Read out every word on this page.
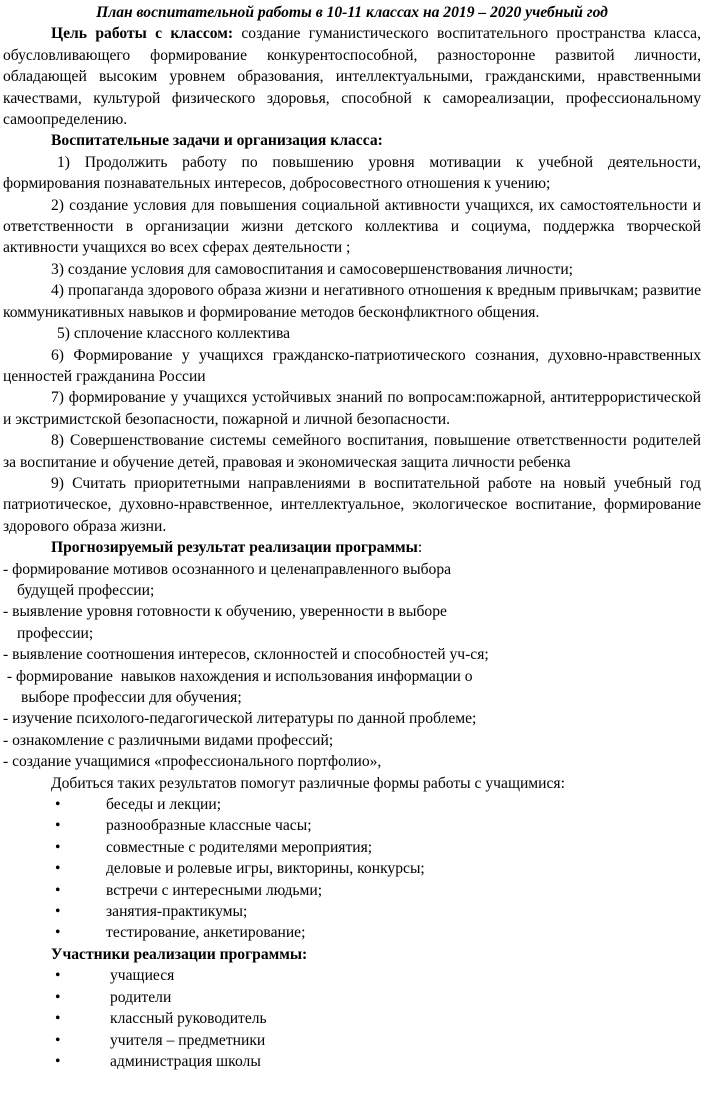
План воспитательной работы в 10-11 классах на 2019 – 2020 учебный год

Цель работы с классом: создание гуманистического воспитательного пространства класса, обусловливающего формирование конкурентоспособной, разносторонне развитой личности, обладающей высоким уровнем образования, интеллектуальными, гражданскими, нравственными качествами, культурой физического здоровья, способной к самореализации, профессиональному самоопределению.

Воспитательные задачи и организация класса:

1) Продолжить работу по повышению уровня мотивации к учебной деятельности, формирования познавательных интересов, добросовестного отношения к учению;

2) создание условия для повышения социальной активности учащихся, их самостоятельности и ответственности в организации жизни детского коллектива и социума, поддержка творческой активности учащихся во всех сферах деятельности ;

3) создание условия для самовоспитания и самосовершенствования личности;

4) пропаганда здорового образа жизни и негативного отношения к вредным привычкам; развитие коммуникативных навыков и формирование методов бесконфликтного общения.

5) сплочение классного коллектива

6) Формирование у учащихся гражданско-патриотического сознания, духовно-нравственных ценностей гражданина России

7) формирование у учащихся устойчивых знаний по вопросам:пожарной, антитеррористической и экстримистской безопасности, пожарной и личной безопасности.

8) Совершенствование системы семейного воспитания, повышение ответственности родителей за воспитание и обучение детей, правовая и экономическая защита личности ребенка

9) Считать приоритетными направлениями в воспитательной работе на новый учебный год патриотическое, духовно-нравственное, интеллектуальное, экологическое воспитание, формирование здорового образа жизни.

Прогнозируемый результат реализации программы:

- формирование мотивов осознанного и целенаправленного выбора
будущей профессии;
- выявление уровня готовности к обучению, уверенности в выборе
профессии;
- выявление соотношения интересов, склонностей и способностей уч-ся;
- формирование  навыков нахождения и использования информации о
выборе профессии для обучения;
- изучение психолого-педагогической литературы по данной проблеме;
- ознакомление с различными видами профессий;
- создание учащимися «профессионального портфолио»,

Добиться таких результатов помогут различные формы работы с учащимися:

•	беседы и лекции;
•	разнообразные классные часы;
•	совместные с родителями мероприятия;
•	деловые и ролевые игры, викторины, конкурсы;
•	встречи с интересными людьми;
•	занятия-практикумы;
•	тестирование, анкетирование;

Участники реализации программы:

•	учащиеся
•	родители
•	классный руководитель
•	учителя – предметники
•	администрация школы
